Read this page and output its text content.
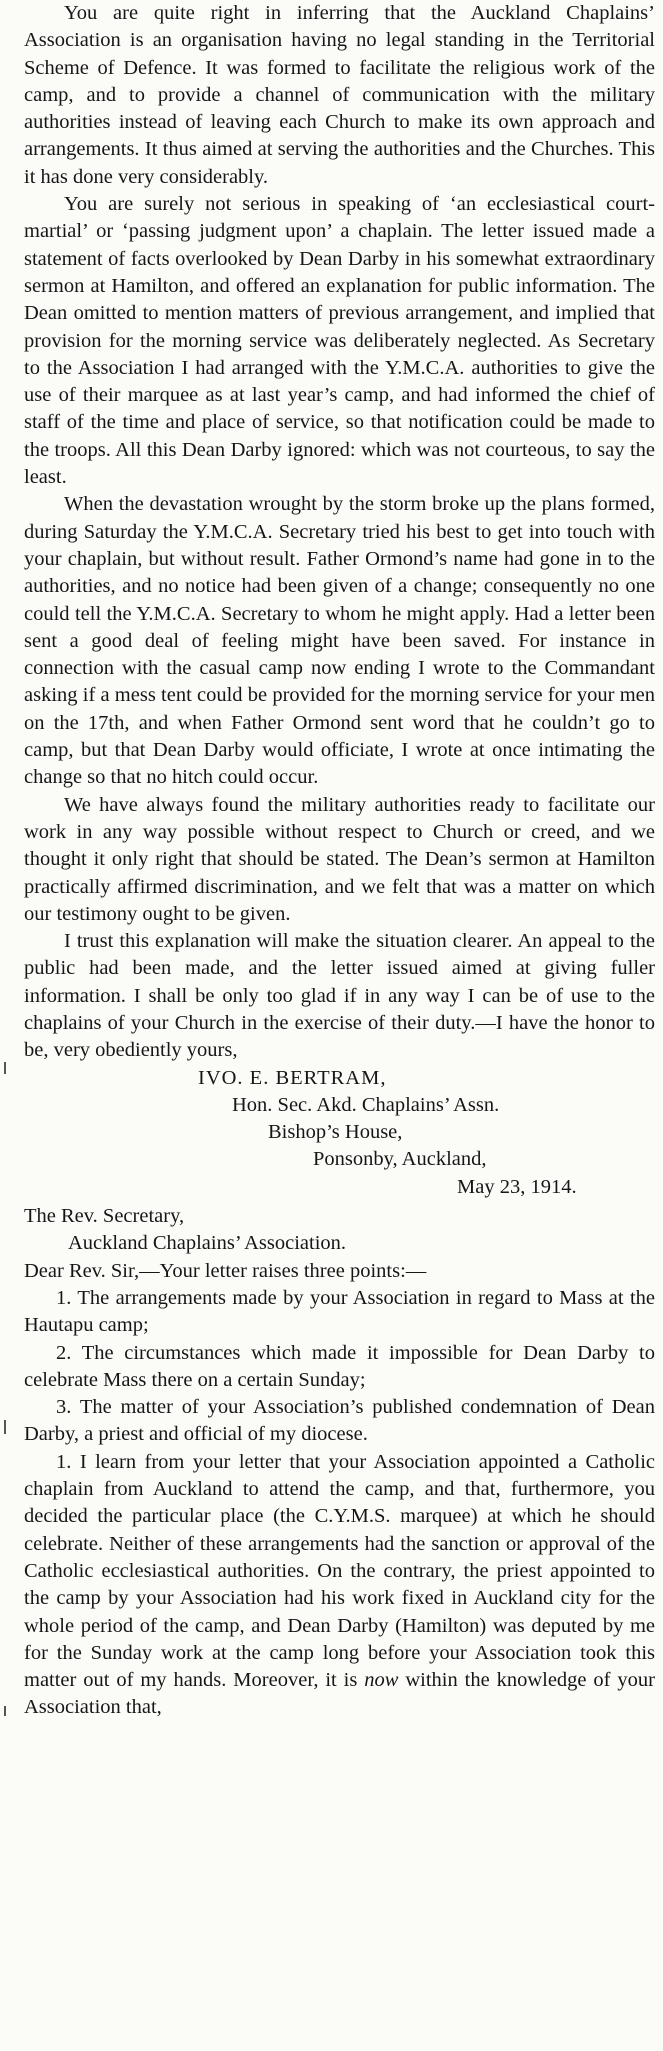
You are quite right in inferring that the Auckland Chaplains’ Association is an organisation having no legal standing in the Territorial Scheme of Defence. It was formed to facilitate the religious work of the camp, and to provide a channel of communication with the military authorities instead of leaving each Church to make its own approach and arrangements. It thus aimed at serving the authorities and the Churches. This it has done very considerably.

You are surely not serious in speaking of ‘an ecclesiastical court-martial’ or ‘passing judgment upon’ a chaplain. The letter issued made a statement of facts overlooked by Dean Darby in his somewhat extraordinary sermon at Hamilton, and offered an explanation for public information. The Dean omitted to mention matters of previous arrangement, and implied that provision for the morning service was deliberately neglected. As Secretary to the Association I had arranged with the Y.M.C.A. authorities to give the use of their marquee as at last year’s camp, and had informed the chief of staff of the time and place of service, so that notification could be made to the troops. All this Dean Darby ignored: which was not courteous, to say the least.

When the devastation wrought by the storm broke up the plans formed, during Saturday the Y.M.C.A. Secretary tried his best to get into touch with your chaplain, but without result. Father Ormond’s name had gone in to the authorities, and no notice had been given of a change; consequently no one could tell the Y.M.C.A. Secretary to whom he might apply. Had a letter been sent a good deal of feeling might have been saved. For instance in connection with the casual camp now ending I wrote to the Commandant asking if a mess tent could be provided for the morning service for your men on the 17th, and when Father Ormond sent word that he couldn’t go to camp, but that Dean Darby would officiate, I wrote at once intimating the change so that no hitch could occur.

We have always found the military authorities ready to facilitate our work in any way possible without respect to Church or creed, and we thought it only right that should be stated. The Dean’s sermon at Hamilton practically affirmed discrimination, and we felt that was a matter on which our testimony ought to be given.

I trust this explanation will make the situation clearer. An appeal to the public had been made, and the letter issued aimed at giving fuller information. I shall be only too glad if in any way I can be of use to the chaplains of your Church in the exercise of their duty.—I have the honor to be, very obediently yours,

IVO. E. BERTRAM,

Hon. Sec. Akd. Chaplains’ Assn.

Bishop’s House,

Ponsonby, Auckland,

May 23, 1914.

The Rev. Secretary,

Auckland Chaplains’ Association.

Dear Rev. Sir,—Your letter raises three points:—

1. The arrangements made by your Association in regard to Mass at the Hautapu camp;

2. The circumstances which made it impossible for Dean Darby to celebrate Mass there on a certain Sunday;

3. The matter of your Association’s published condemnation of Dean Darby, a priest and official of my diocese.

1. I learn from your letter that your Association appointed a Catholic chaplain from Auckland to attend the camp, and that, furthermore, you decided the particular place (the C.Y.M.S. marquee) at which he should celebrate. Neither of these arrangements had the sanction or approval of the Catholic ecclesiastical authorities. On the contrary, the priest appointed to the camp by your Association had his work fixed in Auckland city for the whole period of the camp, and Dean Darby (Hamilton) was deputed by me for the Sunday work at the camp long before your Association took this matter out of my hands. Moreover, it is now within the knowledge of your Association that,
